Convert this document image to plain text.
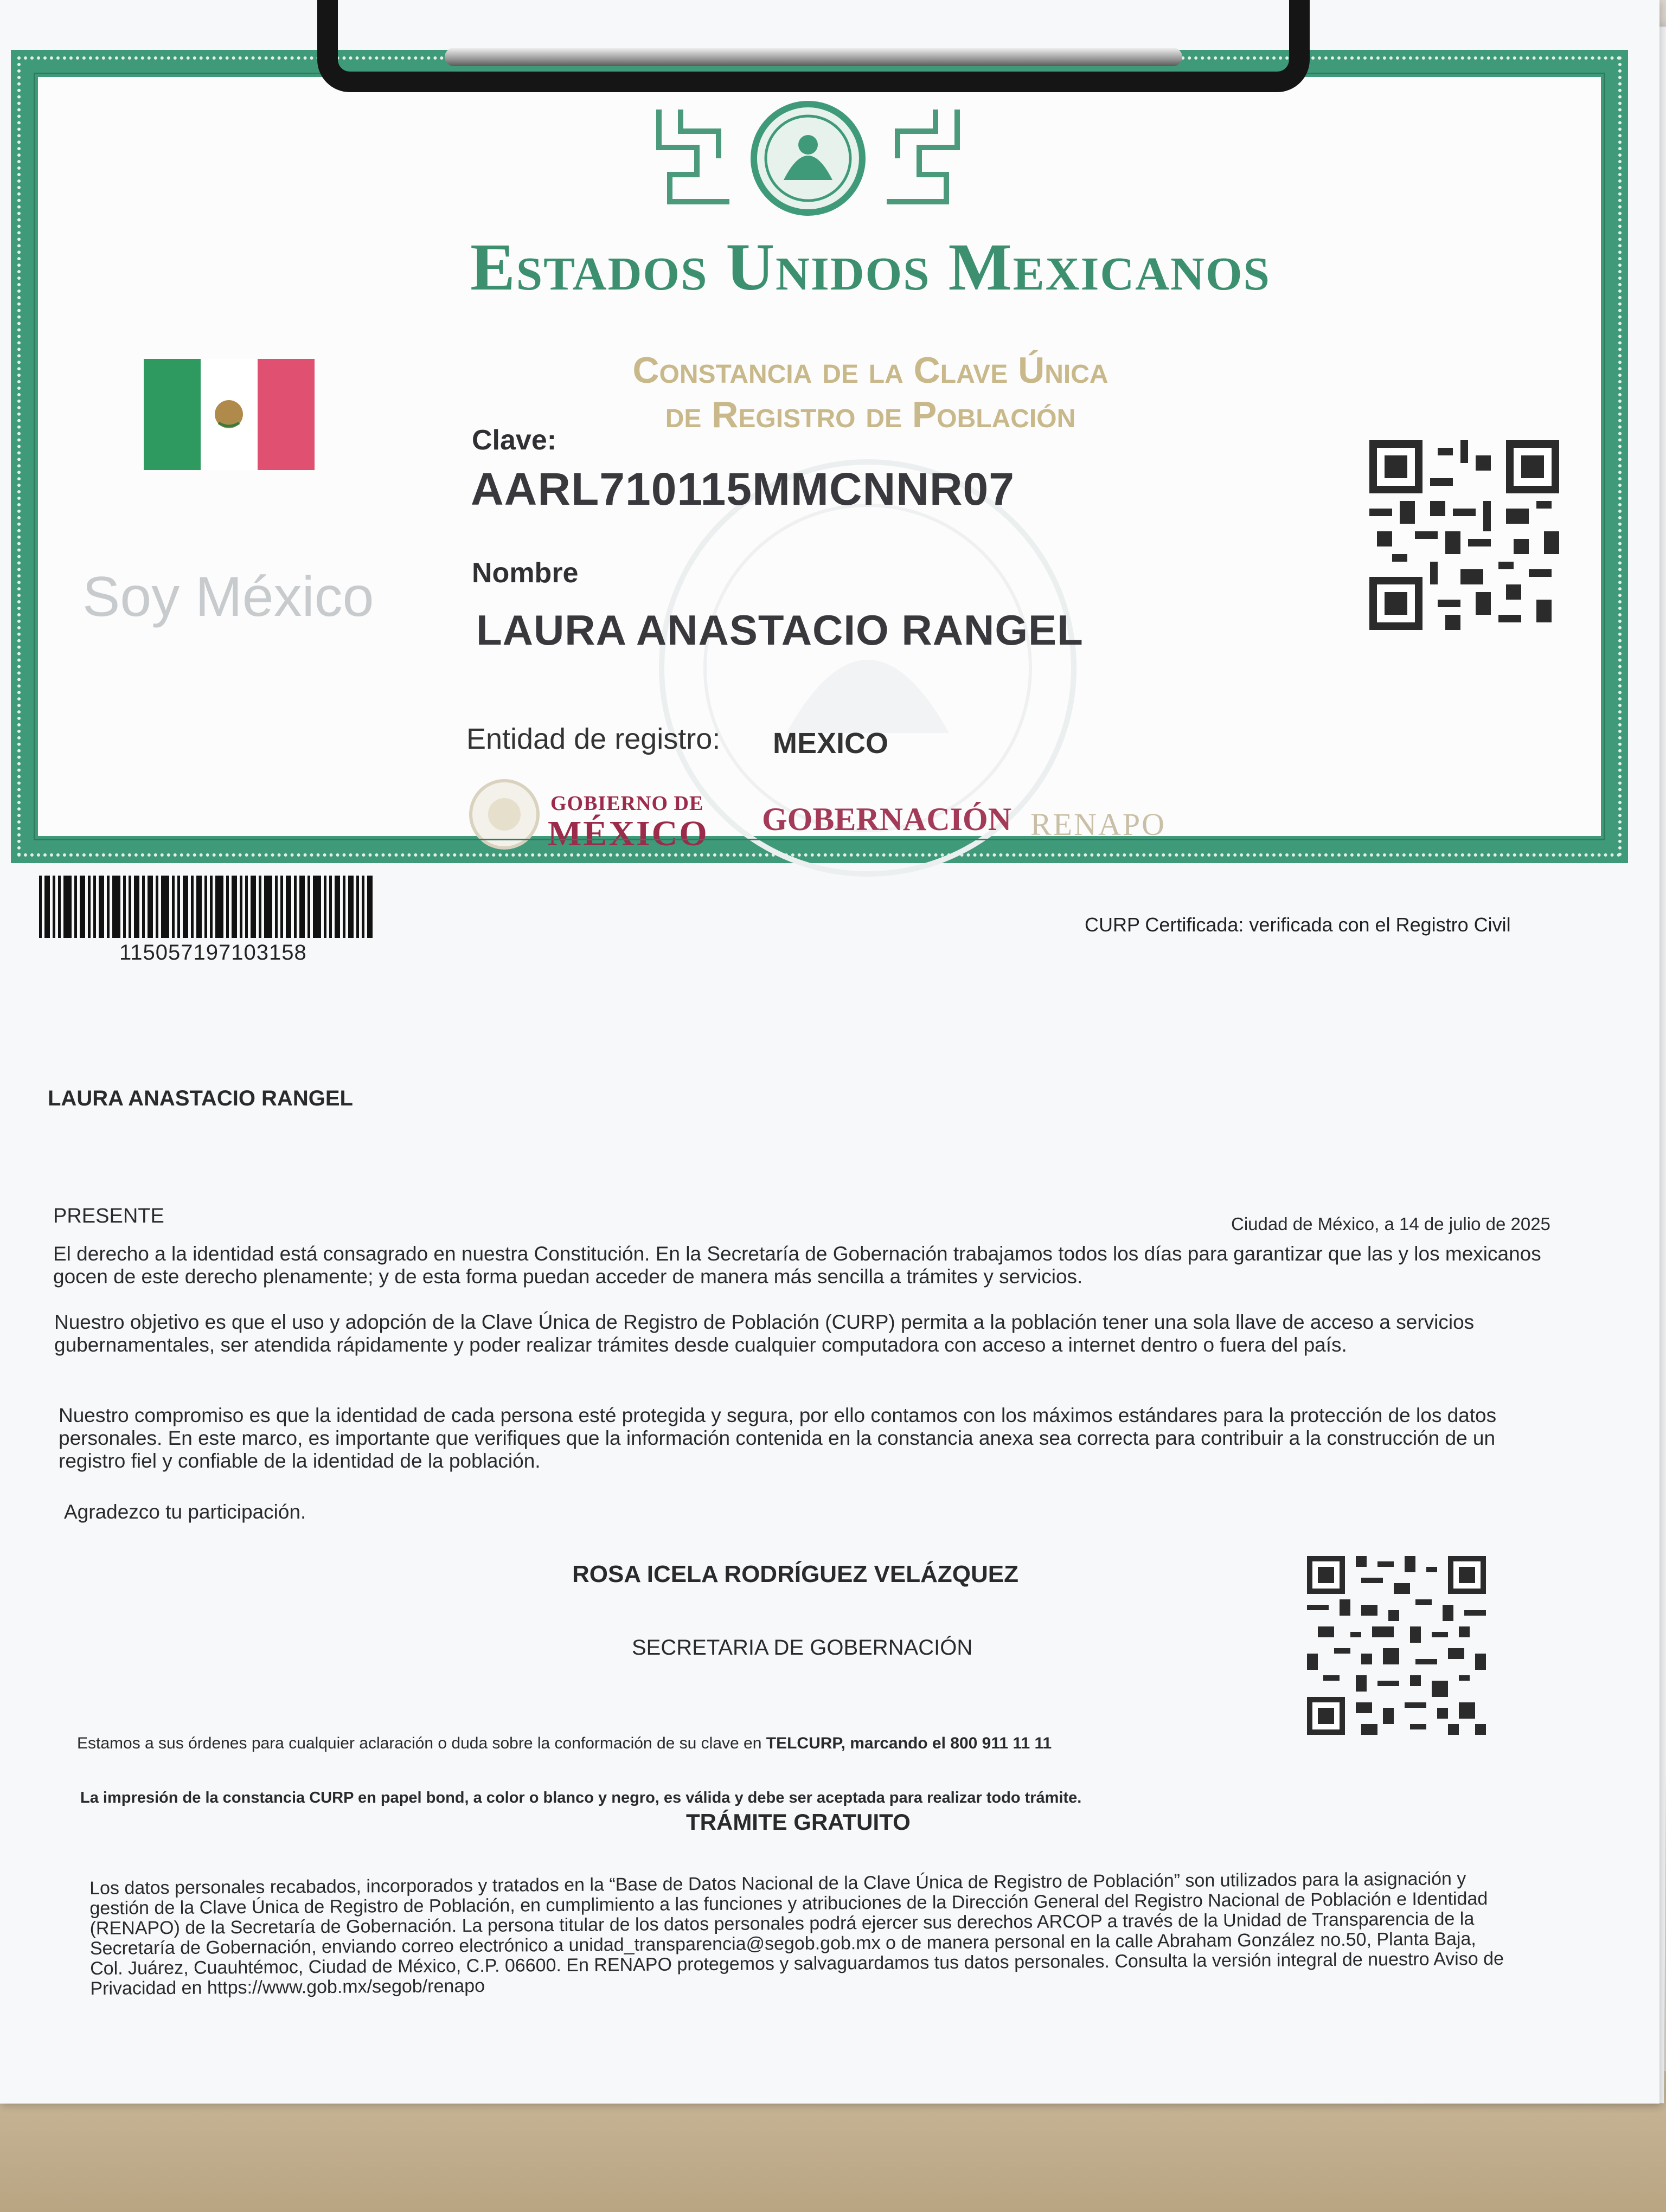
Estados Unidos Mexicanos
Constancia de la Clave Única
de Registro de Población
Soy México
Clave:
AARL710115MMCNNR07
Nombre
LAURA ANASTACIO RANGEL
Entidad de registro: MEXICO
GOBIERNO DE
MÉXICO GOBERNACIÓN RENAPO
115057197103158
CURP Certificada: verificada con el Registro Civil
LAURA ANASTACIO RANGEL
PRESENTE	Ciudad de México, a 14 de julio de 2025
El derecho a la identidad está consagrado en nuestra Constitución. En la Secretaría de Gobernación trabajamos todos los días para garantizar que las y los mexicanos gocen de este derecho plenamente; y de esta forma puedan acceder de manera más sencilla a trámites y servicios.
Nuestro objetivo es que el uso y adopción de la Clave Única de Registro de Población (CURP) permita a la población tener una sola llave de acceso a servicios gubernamentales, ser atendida rápidamente y poder realizar trámites desde cualquier computadora con acceso a internet dentro o fuera del país.
Nuestro compromiso es que la identidad de cada persona esté protegida y segura, por ello contamos con los máximos estándares para la protección de los datos personales. En este marco, es importante que verifiques que la información contenida en la constancia anexa sea correcta para contribuir a la construcción de un registro fiel y confiable de la identidad de la población.
Agradezco tu participación.
ROSA ICELA RODRÍGUEZ VELÁZQUEZ
SECRETARIA DE GOBERNACIÓN
Estamos a sus órdenes para cualquier aclaración o duda sobre la conformación de su clave en TELCURP, marcando el 800 911 11 11
La impresión de la constancia CURP en papel bond, a color o blanco y negro, es válida y debe ser aceptada para realizar todo trámite.
TRÁMITE GRATUITO
Los datos personales recabados, incorporados y tratados en la “Base de Datos Nacional de la Clave Única de Registro de Población” son utilizados para la asignación y gestión de la Clave Única de Registro de Población, en cumplimiento a las funciones y atribuciones de la Dirección General del Registro Nacional de Población e Identidad (RENAPO) de la Secretaría de Gobernación. La persona titular de los datos personales podrá ejercer sus derechos ARCOP a través de la Unidad de Transparencia de la Secretaría de Gobernación, enviando correo electrónico a unidad_transparencia@segob.gob.mx o de manera personal en la calle Abraham González no.50, Planta Baja, Col. Juárez, Cuauhtémoc, Ciudad de México, C.P. 06600. En RENAPO protegemos y salvaguardamos tus datos personales. Consulta la versión integral de nuestro Aviso de Privacidad en https://www.gob.mx/segob/renapo
